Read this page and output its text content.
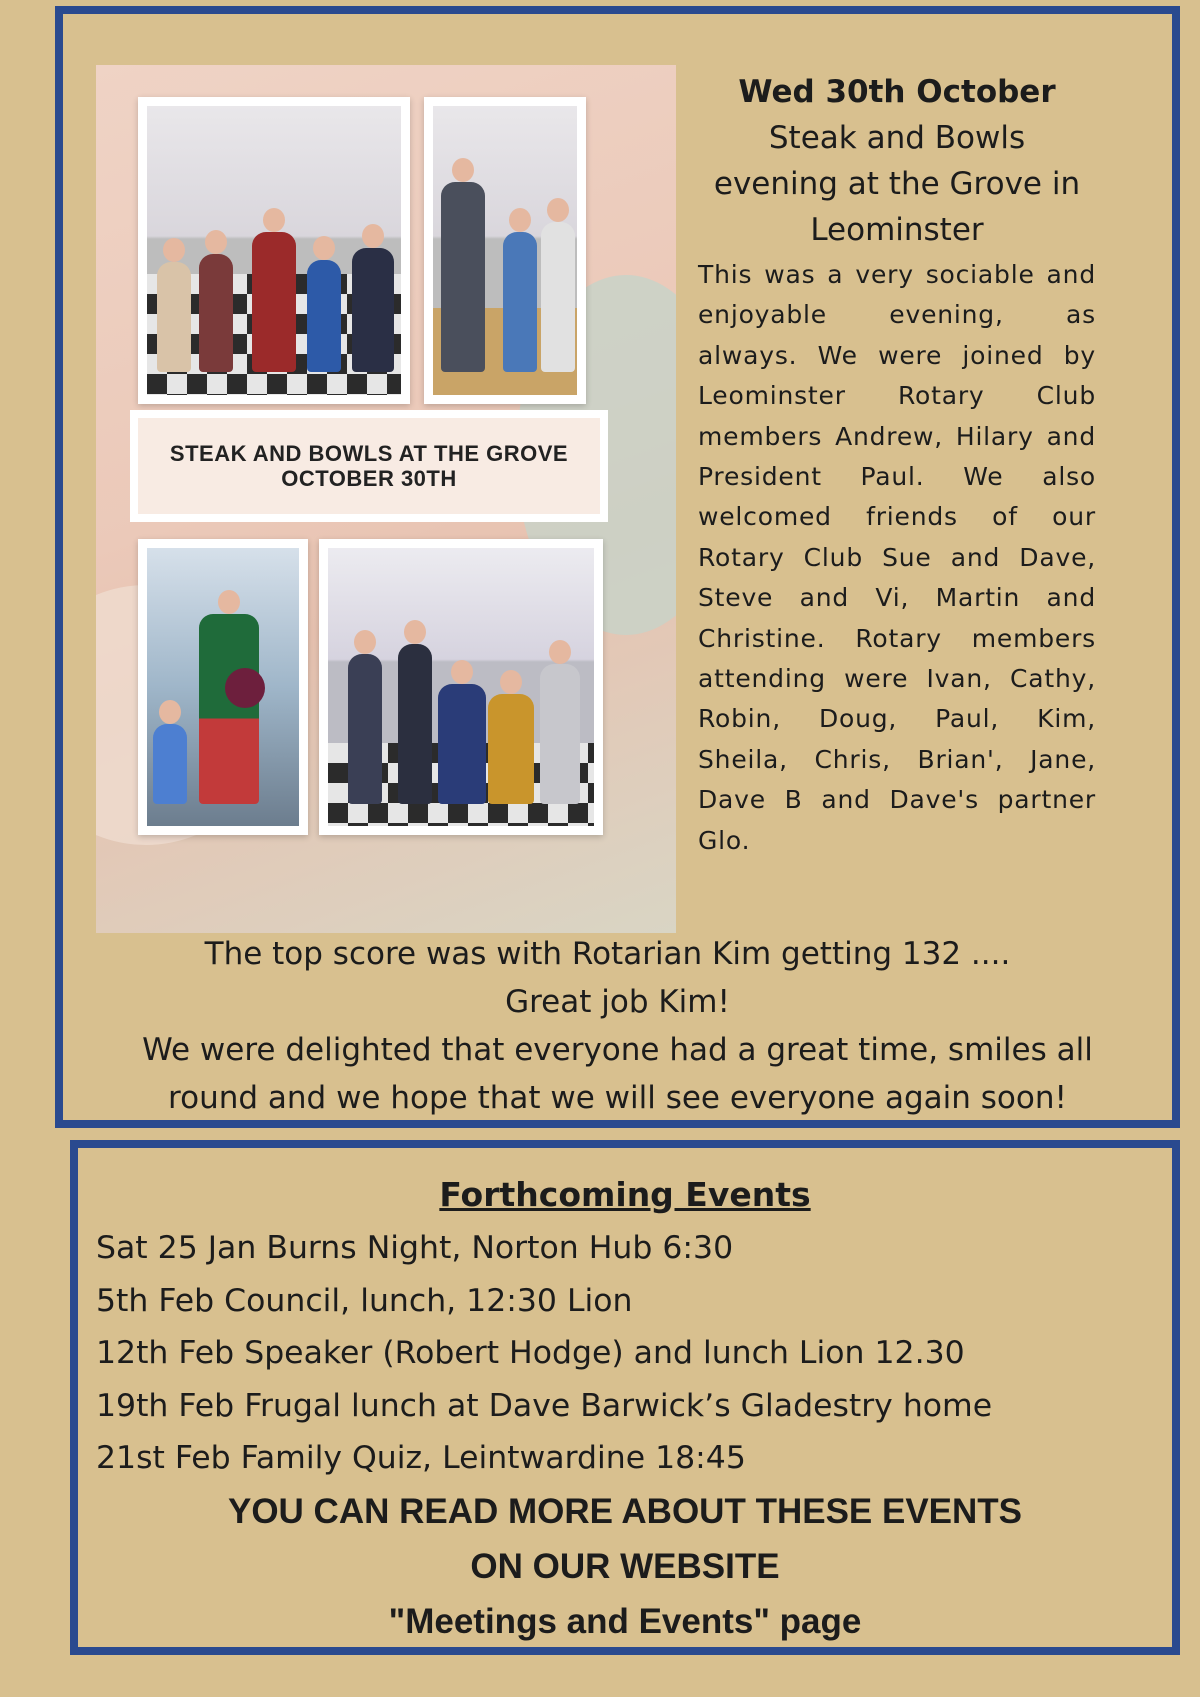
STEAK AND BOWLS AT THE GROVE
OCTOBER 30TH
Wed 30th October
Steak and Bowls
evening at the Grove in
Leominster
This was a very sociable and enjoyable evening, as always. We were joined by Leominster Rotary Club members Andrew, Hilary and President Paul. We also welcomed friends of our Rotary Club Sue and Dave, Steve and Vi, Martin and Christine. Rotary members attending were Ivan, Cathy, Robin, Doug, Paul, Kim, Sheila, Chris, Brian', Jane, Dave B and Dave's partner Glo.

The top score was with Rotarian Kim getting 132 ....

Great job Kim!

We were delighted that everyone had a great time, smiles all

round and we hope that we will see everyone again soon!

Forthcoming Events
Sat 25 Jan Burns Night, Norton Hub 6:30
5th Feb Council, lunch, 12:30 Lion
12th Feb Speaker (Robert Hodge) and lunch Lion 12.30
19th Feb Frugal lunch at Dave Barwick’s Gladestry home
21st Feb Family Quiz, Leintwardine 18:45

YOU CAN READ MORE ABOUT THESE EVENTS

ON OUR WEBSITE

"Meetings and Events" page
